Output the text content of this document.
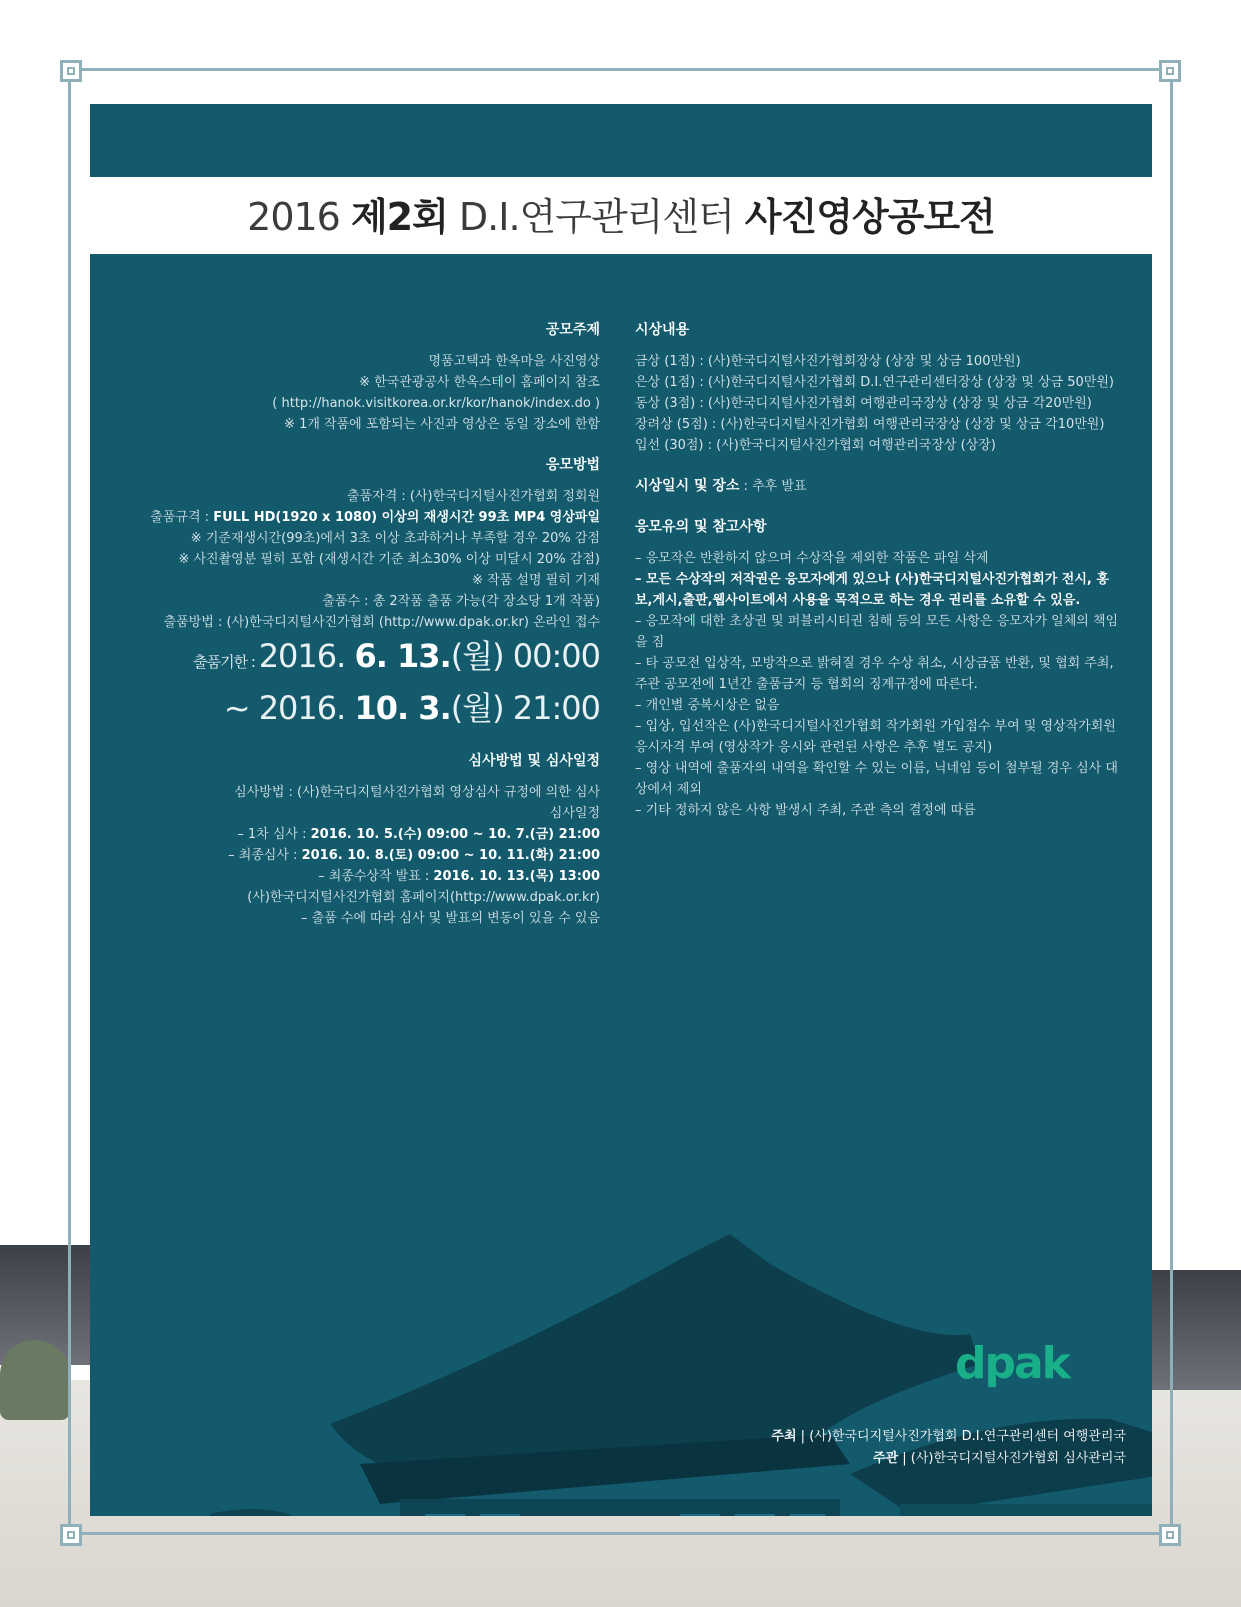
2016 제2회 D.I.연구관리센터 사진영상공모전
공모주제
명품고택과 한옥마을 사진영상
※ 한국관광공사 한옥스테이 홈페이지 참조
( http://hanok.visitkorea.or.kr/kor/hanok/index.do )
※ 1개 작품에 포함되는 사진과 영상은 동일 장소에 한함
응모방법
출품자격 : (사)한국디지털사진가협회 정회원
출품규격 : FULL HD(1920 x 1080) 이상의 재생시간 99초 MP4 영상파일
※ 기준재생시간(99초)에서 3초 이상 초과하거나 부족할 경우 20% 감점
※ 사진촬영분 필히 포함 (재생시간 기준 최소30% 이상 미달시 20% 감점)
※ 작품 설명 필히 기재
출품수 : 총 2작품 출품 가능(각 장소당 1개 작품)
출품방법 : (사)한국디지털사진가협회 (http://www.dpak.or.kr) 온라인 접수
출품기한 : 2016. 6. 13.(월) 00:00
~ 2016. 10. 3.(월) 21:00
심사방법 및 심사일정
심사방법 : (사)한국디지털사진가협회 영상심사 규정에 의한 심사
심사일정
– 1차 심사 : 2016. 10. 5.(수) 09:00 ~ 10. 7.(금) 21:00
– 최종심사 : 2016. 10. 8.(토) 09:00 ~ 10. 11.(화) 21:00
– 최종수상작 발표 : 2016. 10. 13.(목) 13:00
(사)한국디지털사진가협회 홈페이지(http://www.dpak.or.kr)
– 출품 수에 따라 심사 및 발표의 변동이 있을 수 있음
시상내용
금상 (1점) : (사)한국디지털사진가협회장상 (상장 및 상금 100만원)
은상 (1점) : (사)한국디지털사진가협회 D.I.연구관리센터장상 (상장 및 상금 50만원)
동상 (3점) : (사)한국디지털사진가협회 여행관리국장상 (상장 및 상금 각20만원)
장려상 (5점) : (사)한국디지털사진가협회 여행관리국장상 (상장 및 상금 각10만원)
입선 (30점) : (사)한국디지털사진가협회 여행관리국장상 (상장)
시상일시 및 장소 : 추후 발표
응모유의 및 참고사항
– 응모작은 반환하지 않으며 수상작을 제외한 작품은 파일 삭제
– 모든 수상작의 저작권은 응모자에게 있으나 (사)한국디지털사진가협회가 전시, 홍보,게시,출판,웹사이트에서 사용을 목적으로 하는 경우 권리를 소유할 수 있음.
– 응모작에 대한 초상권 및 퍼블리시티권 침해 등의 모든 사항은 응모자가 일체의 책임을 짐
– 타 공모전 입상작, 모방작으로 밝혀질 경우 수상 취소, 시상금품 반환, 및 협회 주최, 주관 공모전에 1년간 출품금지 등 협회의 징계규정에 따른다.
– 개인별 중복시상은 없음
– 입상, 입선작은 (사)한국디지털사진가협회 작가회원 가입점수 부여 및 영상작가회원 응시자격 부여 (영상작가 응시와 관련된 사항은 추후 별도 공지)
– 영상 내역에 출품자의 내역을 확인할 수 있는 이름, 닉네임 등이 첨부될 경우 심사 대상에서 제외
– 기타 정하지 않은 사항 발생시 주최, 주관 측의 결정에 따름
dpak
주최 | (사)한국디지털사진가협회 D.I.연구관리센터 여행관리국
주관 | (사)한국디지털사진가협회 심사관리국
